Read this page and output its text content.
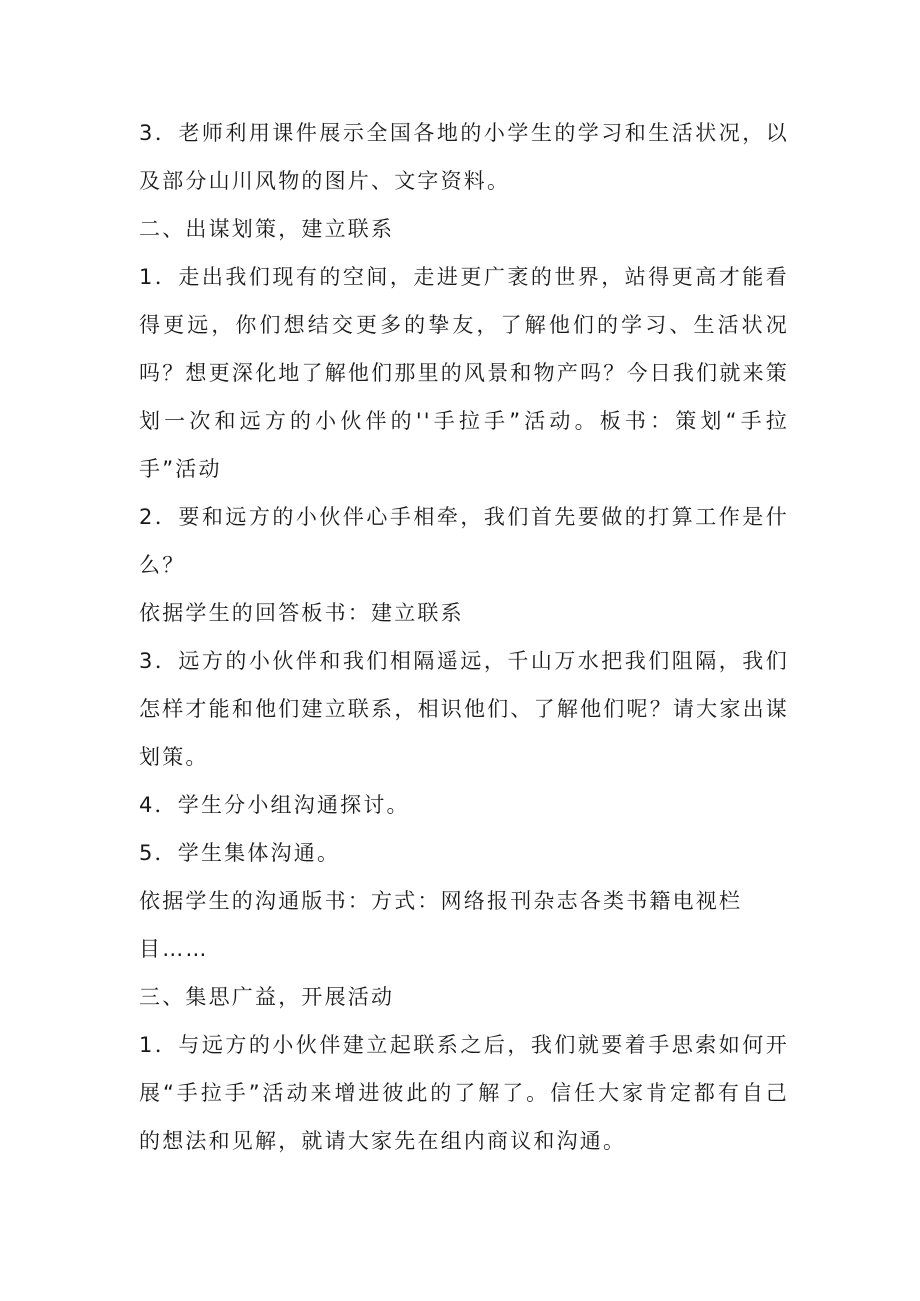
3．老师利用课件展示全国各地的小学生的学习和生活状况，以及部分山川风物的图片、文字资料。

二、出谋划策，建立联系

1．走出我们现有的空间，走进更广袤的世界，站得更高才能看得更远，你们想结交更多的挚友，了解他们的学习、生活状况吗？想更深化地了解他们那里的风景和物产吗？今日我们就来策划一次和远方的小伙伴的''手拉手”活动。板书：策划“手拉手”活动

2．要和远方的小伙伴心手相牵，我们首先要做的打算工作是什么？

依据学生的回答板书：建立联系

3．远方的小伙伴和我们相隔遥远，千山万水把我们阻隔，我们怎样才能和他们建立联系，相识他们、了解他们呢？请大家出谋划策。

4．学生分小组沟通探讨。

5．学生集体沟通。

依据学生的沟通版书：方式：网络报刊杂志各类书籍电视栏

目……

三、集思广益，开展活动

1．与远方的小伙伴建立起联系之后，我们就要着手思索如何开展“手拉手”活动来增进彼此的了解了。信任大家肯定都有自己的想法和见解，就请大家先在组内商议和沟通。
